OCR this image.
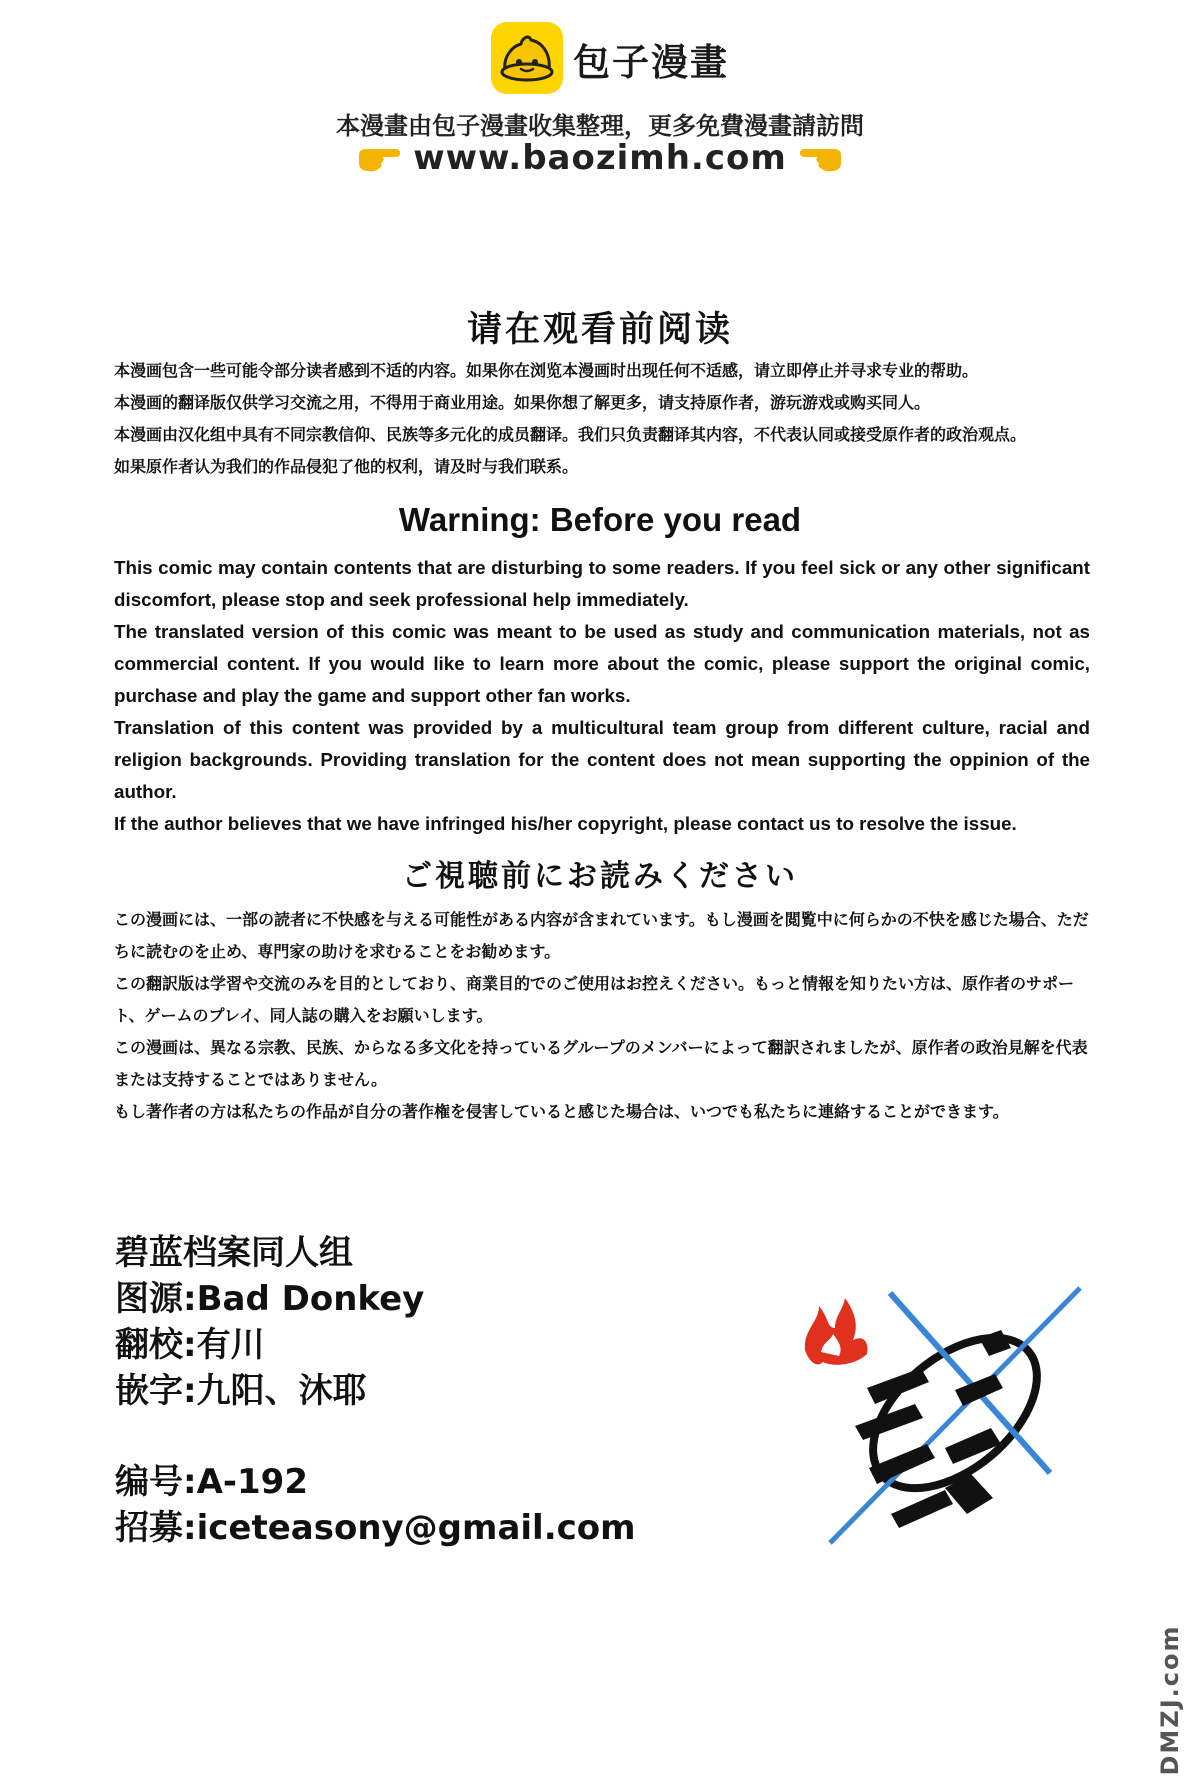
包子漫畫
本漫畫由包子漫畫收集整理，更多免費漫畫請訪問
www.baozimh.com
请在观看前阅读

本漫画包含一些可能令部分读者感到不适的内容。如果你在浏览本漫画时出现任何不适感，请立即停止并寻求专业的帮助。

本漫画的翻译版仅供学习交流之用，不得用于商业用途。如果你想了解更多，请支持原作者，游玩游戏或购买同人。

本漫画由汉化组中具有不同宗教信仰、民族等多元化的成员翻译。我们只负责翻译其内容，不代表认同或接受原作者的政治观点。

如果原作者认为我们的作品侵犯了他的权利，请及时与我们联系。

Warning: Before you read

This comic may contain contents that are disturbing to some readers. If you feel sick or any other significant discomfort, please stop and seek professional help immediately.

The translated version of this comic was meant to be used as study and communication materials, not as commercial content. If you would like to learn more about the comic, please support the original comic, purchase and play the game and support other fan works.

Translation of this content was provided by a multicultural team group from different culture, racial and religion backgrounds. Providing translation for the content does not mean supporting the oppinion of the author.

If the author believes that we have infringed his/her copyright, please contact us to resolve the issue.

ご視聴前にお読みください

この漫画には、一部の読者に不快感を与える可能性がある内容が含まれています。もし漫画を閲覧中に何らかの不快を感じた場合、ただちに読むのを止め、専門家の助けを求むることをお勧めます。

この翻訳版は学習や交流のみを目的としており、商業目的でのご使用はお控えください。もっと情報を知りたい方は、原作者のサポート、ゲームのプレイ、同人誌の購入をお願いします。

この漫画は、異なる宗教、民族、からなる多文化を持っているグループのメンバーによって翻訳されましたが、原作者の政治見解を代表または支持することではありません。

もし著作者の方は私たちの作品が自分の著作権を侵害していると感じた場合は、いつでも私たちに連絡することができます。

碧蓝档案同人组
图源:Bad Donkey
翻校:有川
嵌字:九阳、沐耶
编号:A-192
招募:iceteasony@gmail.com
DMZJ.com
